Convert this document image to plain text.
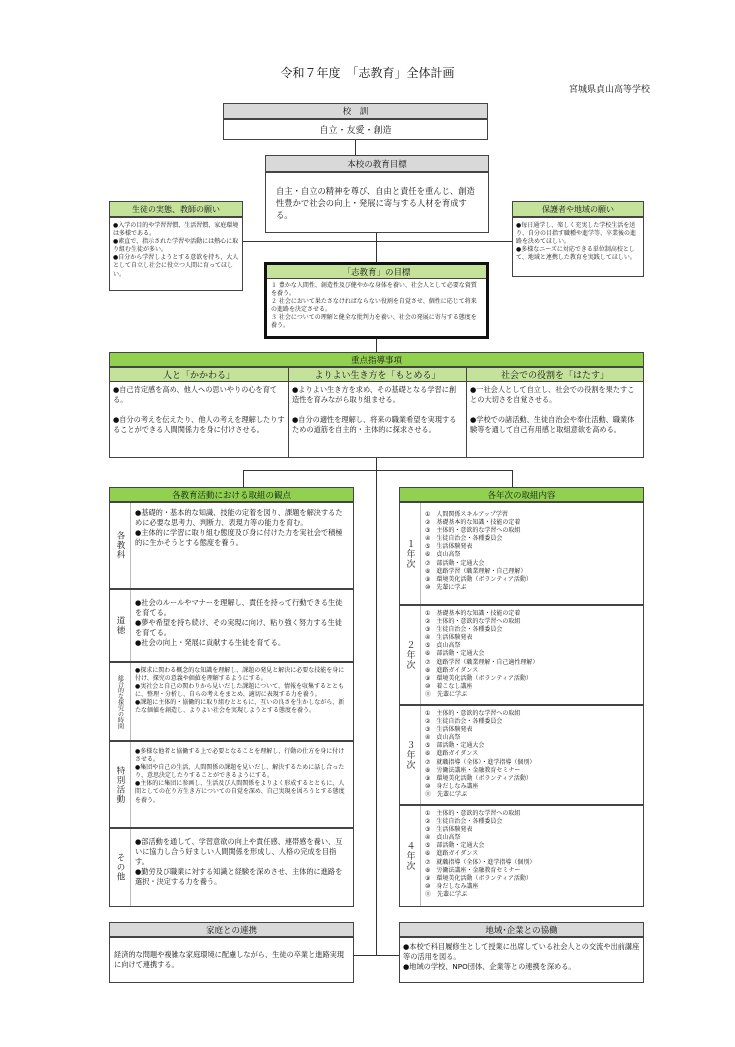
令和７年度　「志教育」全体計画
宮城県貞山高等学校
校　訓
自立・友愛・創造
本校の教育目標
自主・自立の精神を尊び、自由と責任を重んじ、創造性豊かで社会の向上・発展に寄与する人材を育成する。
生徒の実態、教師の願い
●入学の目的や学習習慣、生活習慣、家庭環境は多様である。
●素直で、指示された学習や活動には熱心に取り組む生徒が多い。
●自分から学習しようとする意欲を持ち、大人として自立し社会に役立つ人間に育ってほしい。
保護者や地域の願い
●毎日通学し、楽しく充実した学校生活を送り、自分の目指す職種や進学等、卒業後の進路を決めてほしい。
●多様なニーズに対応できる単位制高校として、地域と連携した教育を実践してほしい。
「志教育」の目標
１ 豊かな人間性、創造性及び健やかな身体を養い、社会人として必要な資質を養う。
２ 社会において果たさなければならない役割を自覚させ、個性に応じて将来の進路を決定させる。
３ 社会についての理解と健全な批判力を養い、社会の発展に寄与する態度を養う。
重点指導事項
人と「かかわる」	よりよい生き方を「もとめる」	社会での役割を「はたす」
●自己肯定感を高め、他人への思いやりの心を育てる。
●自分の考えを伝えたり、他人の考えを理解したりすることができる人間関係力を身に付けさせる。
●よりよい生き方を求め、その基礎となる学習に創造性を育みながら取り組ませる。
●自分の適性を理解し、将来の職業希望を実現するための道筋を自主的・主体的に探求させる。
●一社会人として自立し、社会での役割を果たすことの大切さを自覚させる。
●学校での諸活動、生徒自治会や奉仕活動、職業体験等を通して自己有用感と取組意欲を高める。
各教育活動における取組の観点
各教科
●基礎的・基本的な知識、技能の定着を図り、課題を解決するために必要な思考力、判断力、表現力等の能力を育む。
●主体的に学習に取り組む態度及び身に付けた力を実社会で積極的に生かそうとする態度を養う。
道徳
●社会のルールやマナーを理解し、責任を持って行動できる生徒を育てる。
●夢や希望を持ち続け、その実現に向け、粘り強く努力する生徒を育てる。
●社会の向上・発展に貢献する生徒を育てる。
総合的な探究の時間
●探求に関わる概念的な知識を理解し、課題の発見と解決に必要な技能を身に付け、探究の意義や価値を理解するようにする。
●実社会と自己の関わりから見いだした課題について、情報を収集するとともに、整理・分析し、自らの考えをまとめ、適切に表現する力を養う。
●課題に主体的・協働的に取り組むとともに、互いの良さを生かしながら、新たな価値を創造し、よりよい社会を実現しようとする態度を養う。
特別活動
●多様な他者と協働する上で必要となることを理解し、行動の仕方を身に付けさせる。
●集団や自己の生活、人間関係の課題を見いだし、解決するために話し合ったり、意思決定したりすることができるようにする。
●主体的に集団に参画し、生活及び人間関係をよりよく形成するとともに、人間としての在り方生き方についての自覚を深め、自己実現を図ろうとする態度を養う。
その他
●部活動を通して、学習意欲の向上や責任感、連帯感を養い、互いに協力し合う好ましい人間関係を形成し、人格の完成を目指す。
●勤労及び職業に対する知識と経験を深めさせ、主体的に進路を選択・決定する力を養う。
各年次の取組内容
１年次
①　人間関係スキルアップ学習
②　基礎基本的な知識・技能の定着
③　主体的・意欲的な学習への取組
④　生徒自治会・各種委員会
⑤　生活体験発表
⑥　貞山高祭
⑦　部活動・定通大会
⑧　進路学習（職業理解・自己理解）
⑨　環境美化活動（ボランティア活動）
⑩　先輩に学ぶ
２年次
①　基礎基本的な知識・技能の定着
②　主体的・意欲的な学習への取組
③　生徒自治会・各種委員会
④　生活体験発表
⑤　貞山高祭
⑥　部活動・定通大会
⑦　進路学習（職業理解・自己適性理解）
⑧　進路ガイダンス
⑨　環境美化活動（ボランティア活動）
⑩　着こなし講座
⑪　先輩に学ぶ
３年次
①　主体的・意欲的な学習への取組
②　生徒自治会・各種委員会
③　生活体験発表
④　貞山高祭
⑤　部活動・定通大会
⑥　進路ガイダンス
⑦　就職指導（全体）・進学指導（個別）
⑧　労働法講座・金融教育セミナー
⑨　環境美化活動（ボランティア活動）
⑩　身だしなみ講座
⑪　先輩に学ぶ
４年次
①　主体的・意欲的な学習への取組
②　生徒自治会・各種委員会
③　生活体験発表
④　貞山高祭
⑤　部活動・定通大会
⑥　進路ガイダンス
⑦　就職指導（全体）・進学指導（個別）
⑧　労働法講座・金融教育セミナー
⑨　環境美化活動（ボランティア活動）
⑩　身だしなみ講座
⑪　先輩に学ぶ
家庭との連携
経済的な問題や複雑な家庭環境に配慮しながら、生徒の卒業と進路実現に向けて連携する。
地域･企業との協働
●本校で科目履修生として授業に出席している社会人との交流や出前講座等の活用を図る。
●地域の学校、NPO団体、企業等との連携を深める。
